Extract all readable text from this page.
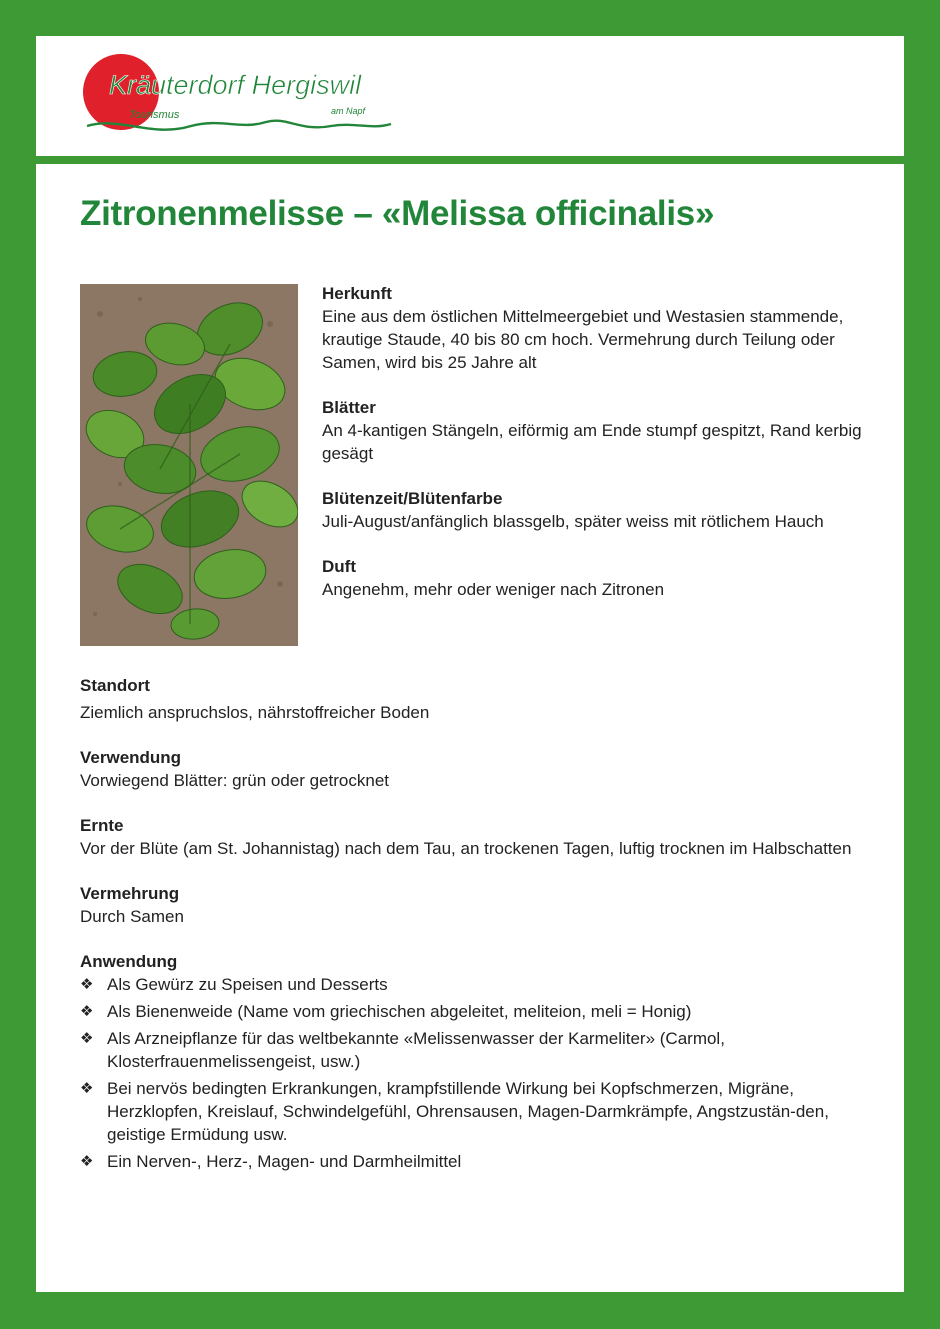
Kräuterdorf Hergiswil
Tourismus	am Napf
Zitronenmelisse – «Melissa officinalis»
Herkunft
Eine aus dem östlichen Mittelmeergebiet und Westasien stammende, krautige Staude, 40 bis 80 cm hoch. Vermehrung durch Teilung oder Samen, wird bis 25 Jahre alt
Blätter
An 4-kantigen Stängeln, eiförmig am Ende stumpf gespitzt, Rand kerbig gesägt
Blütenzeit/Blütenfarbe
Juli-August/anfänglich blassgelb, später weiss mit rötlichem Hauch
Duft
Angenehm, mehr oder weniger nach Zitronen
Standort
Ziemlich anspruchslos, nährstoffreicher Boden
Verwendung
Vorwiegend Blätter: grün oder getrocknet
Ernte
Vor der Blüte (am St. Johannistag) nach dem Tau, an trockenen Tagen, luftig trocknen im Halbschatten
Vermehrung
Durch Samen
Anwendung
❖ Als Gewürz zu Speisen und Desserts
❖ Als Bienenweide (Name vom griechischen abgeleitet, meliteion, meli = Honig)
❖ Als Arzneipflanze für das weltbekannte «Melissenwasser der Karmeliter» (Carmol, Klosterfrauenmelissengeist, usw.)
❖ Bei nervös bedingten Erkrankungen, krampfstillende Wirkung bei Kopfschmerzen, Migräne, Herzklopfen, Kreislauf, Schwindelgefühl, Ohrensausen, Magen-Darmkrämpfe, Angstzustän-den, geistige Ermüdung usw.
❖ Ein Nerven-, Herz-, Magen- und Darmheilmittel
